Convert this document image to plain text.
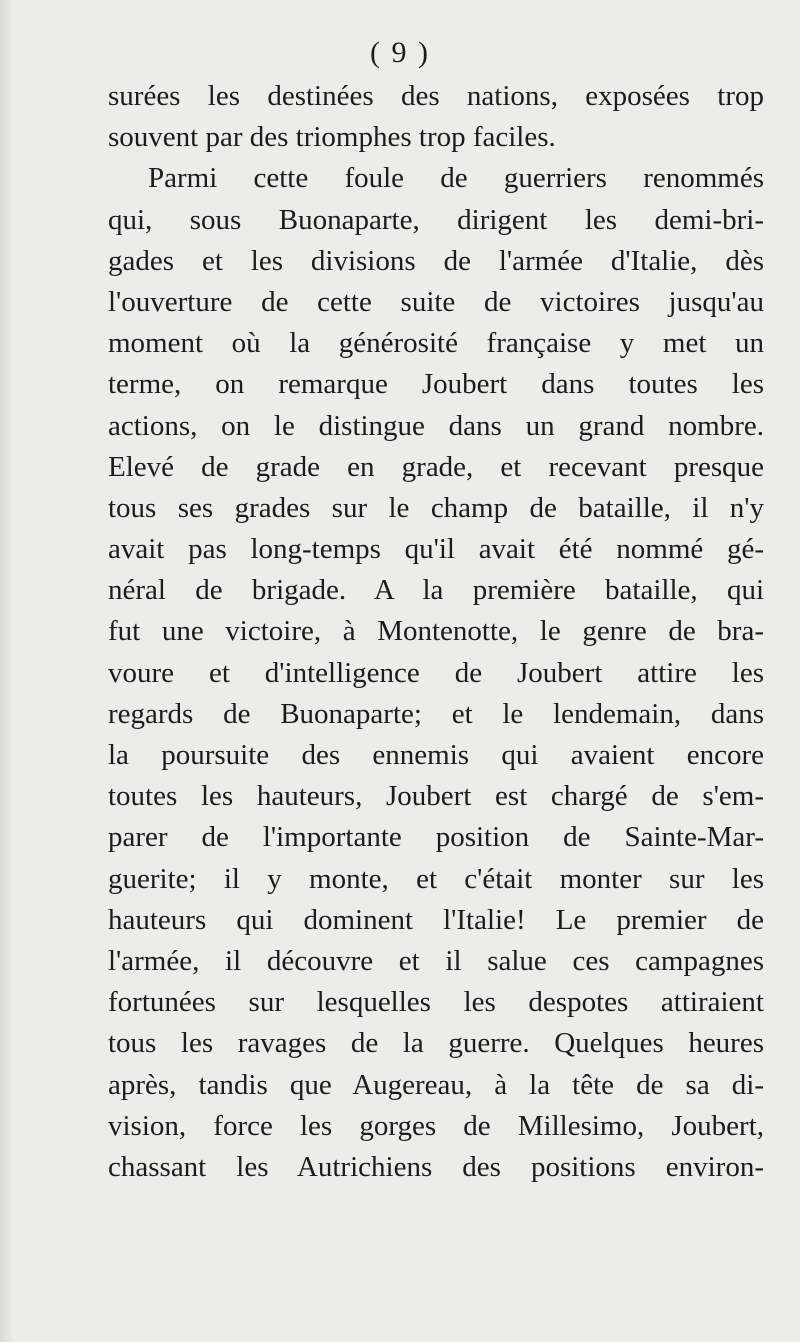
( 9 )
surées les destinées des nations, exposées trop
souvent par des triomphes trop faciles.
Parmi cette foule de guerriers renommés
qui, sous Buonaparte, dirigent les demi-bri-
gades et les divisions de l'armée d'Italie, dès
l'ouverture de cette suite de victoires jusqu'au
moment où la générosité française y met un
terme, on remarque Joubert dans toutes les
actions, on le distingue dans un grand nombre.
Elevé de grade en grade, et recevant presque
tous ses grades sur le champ de bataille, il n'y
avait pas long-temps qu'il avait été nommé gé-
néral de brigade. A la première bataille, qui
fut une victoire, à Montenotte, le genre de bra-
voure et d'intelligence de Joubert attire les
regards de Buonaparte; et le lendemain, dans
la poursuite des ennemis qui avaient encore
toutes les hauteurs, Joubert est chargé de s'em-
parer de l'importante position de Sainte-Mar-
guerite; il y monte, et c'était monter sur les
hauteurs qui dominent l'Italie! Le premier de
l'armée, il découvre et il salue ces campagnes
fortunées sur lesquelles les despotes attiraient
tous les ravages de la guerre. Quelques heures
après, tandis que Augereau, à la tête de sa di-
vision, force les gorges de Millesimo, Joubert,
chassant les Autrichiens des positions environ-
